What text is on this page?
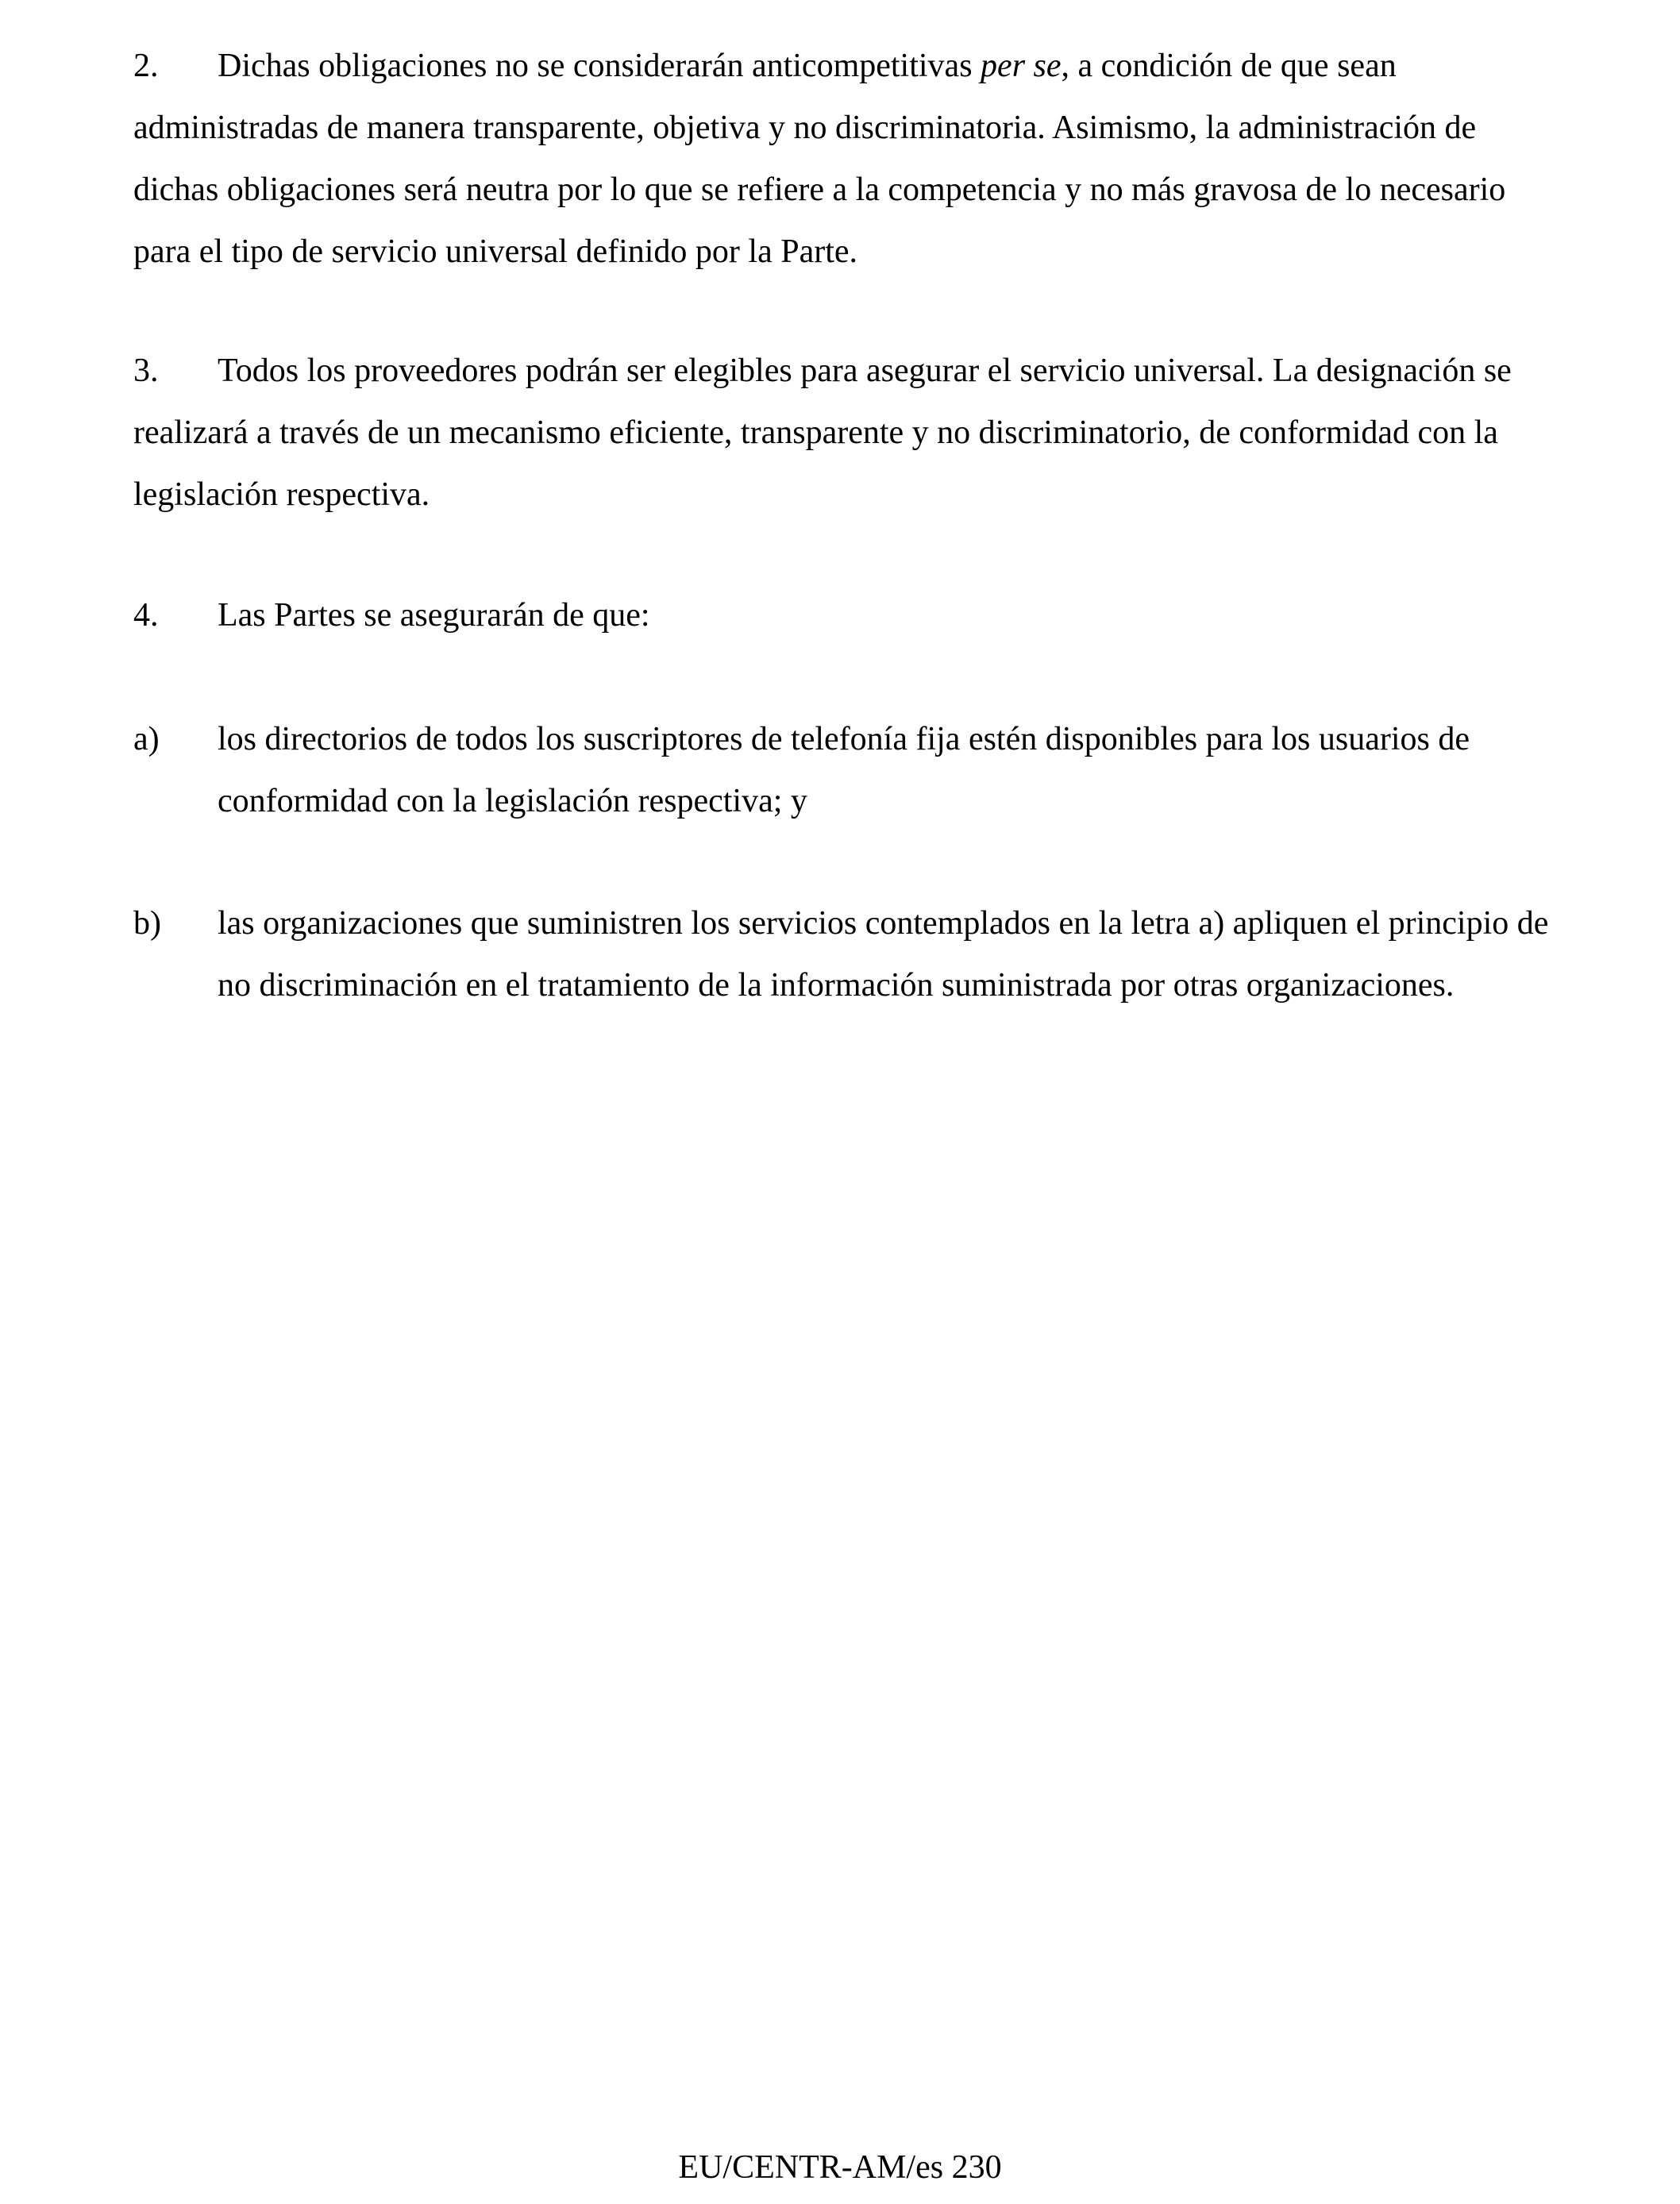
2. Dichas obligaciones no se considerarán anticompetitivas per se, a condición de que sean administradas de manera transparente, objetiva y no discriminatoria. Asimismo, la administración de dichas obligaciones será neutra por lo que se refiere a la competencia y no más gravosa de lo necesario para el tipo de servicio universal definido por la Parte.

3. Todos los proveedores podrán ser elegibles para asegurar el servicio universal. La designación se realizará a través de un mecanismo eficiente, transparente y no discriminatorio, de conformidad con la legislación respectiva.

4. Las Partes se asegurarán de que:

a) los directorios de todos los suscriptores de telefonía fija estén disponibles para los usuarios de conformidad con la legislación respectiva; y
b) las organizaciones que suministren los servicios contemplados en la letra a) apliquen el principio de no discriminación en el tratamiento de la información suministrada por otras organizaciones.
EU/CENTR-AM/es 230
